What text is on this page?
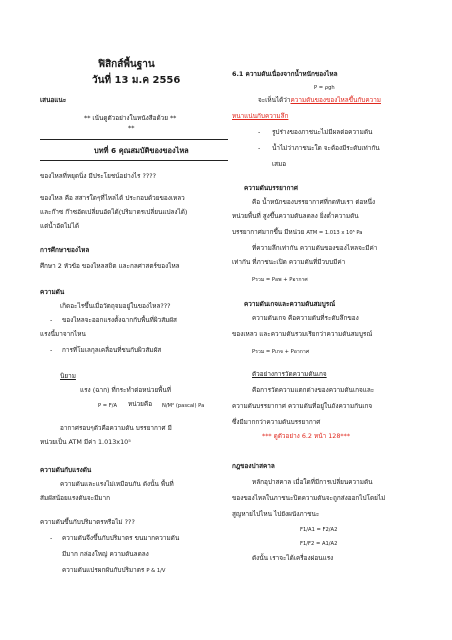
ฟิสิกส์พื้นฐาน
วันที่ 13 ม.ค 2556
เสนอแนะ
** เน้นดูตัวอย่างในหนังสือด้วย **
**
บทที่ 6 คุณสมบัติของของไหล
ของไหลที่หยุดนิ่ง มีประโยชน์อย่างไร ????
ของไหล คือ สสารใดๆที่ไหลได้ ประกอบด้วยของเหลว
และก๊าซ ก๊าซอัดเปลี่ยนอัดได้(ปริมาตรเปลี่ยนแปลงได้)
แต่น้ำอัดไม่ได้
การศึกษาของไหล
ศึกษา 2 หัวข้อ ของไหลสถิต และกลศาสตร์ของไหล
ความดัน
เกิดอะไรขึ้นเมื่อวัตถุจมอยู่ในของไหล???
- ของไหลจะออกแรงตั้งฉากกับพื้นที่ผิวสัมผัส
แรงนี้มาจากไหน
- การที่โมเลกุลเคลื่อนที่ชนกับผิวสัมผัส
นิยาม
แรง (ฉาก) ที่กระทำต่อหน่วยพื้นที่
P = F/A หน่วยคือ N/M² (pascal) Pa
อากาศรอบๆตัวคือความดัน บรรยากาศ มี
หน่วยเป็น ATM มีค่า 1.013x10⁵
ความดันกับแรงดัน
ความดันและแรงไม่เหมือนกัน ดังนั้น พื้นที่
สัมผัสน้อยแรงดันจะมีมาก
ความดันขึ้นกับปริมาตรหรือไม่ ???
- ความดันจึงขึ้นกับปริมาตร ขนมากความดัน
มีมาก กล่องใหญ่ ความดันลดลง
ความดันแปรผกผันกับปริมาตร P & 1/V
6.1 ความดันเนื่องจากน้ำหนักของไหล
P = ρgh
จะเห็นได้ว่าความดันของของไหลขึ้นกับความ
หนาแน่นกับความลึก
- รูปร่างของภาชนะไม่มีผลต่อความดัน
- น้ำไม่ว่าภาชนะใด จะต้องมีระดับเท่ากัน
เสมอ
ความดันบรรยากาศ
คือ น้ำหนักของบรรยากาศที่กดทับเรา ต่อหนึ่ง
หน่วยพื้นที่ สูงขึ้นความดันลดลง ยิ่งต่ำความดัน
บรรยากาศมากขึ้น มีหน่วย ATM = 1.013 x 10⁵ Pa
ที่ความลึกเท่ากัน ความดันของของไหลจะมีค่า
เท่ากัน ที่ภาชนะเปิด ความดันที่มีวบบมีค่า
Pรวม = Pอพ + Pอากาศ
ความดันเกจและความดันสมบูรณ์
ความดันเกจ คือความดันที่ระดับลึกของ
ของเหลว และความดันรวมเรียกว่าความดันสมบูรณ์
Pรวม = Pเกจ + Pอากาศ
ตัวอย่างการวัดความดันเกจ
คือการวัดความแตกต่างของความดันเกจและ
ความดันบรรยากาศ ความดันที่อยู่ในถังความกันเกจ
ซึ่งมีมากกว่าความดันบรรยากาศ
*** ดูตัวอย่าง 6.2 หน้า 128***
กฎของปาสคาล
หลักอุปาสคาล เมื่อใดที่มีการเปลี่ยนความดัน
ของของไหลในภาชนะปิดความดันจะถูกส่งออกไปโดยไม่
สูญหายไปไหน ไปยังผนังภาชนะ
F1/A1 = F2/A2
F1/F2 = A1/A2
ดังนั้น เราจะได้เครื่องผ่อนแรง
